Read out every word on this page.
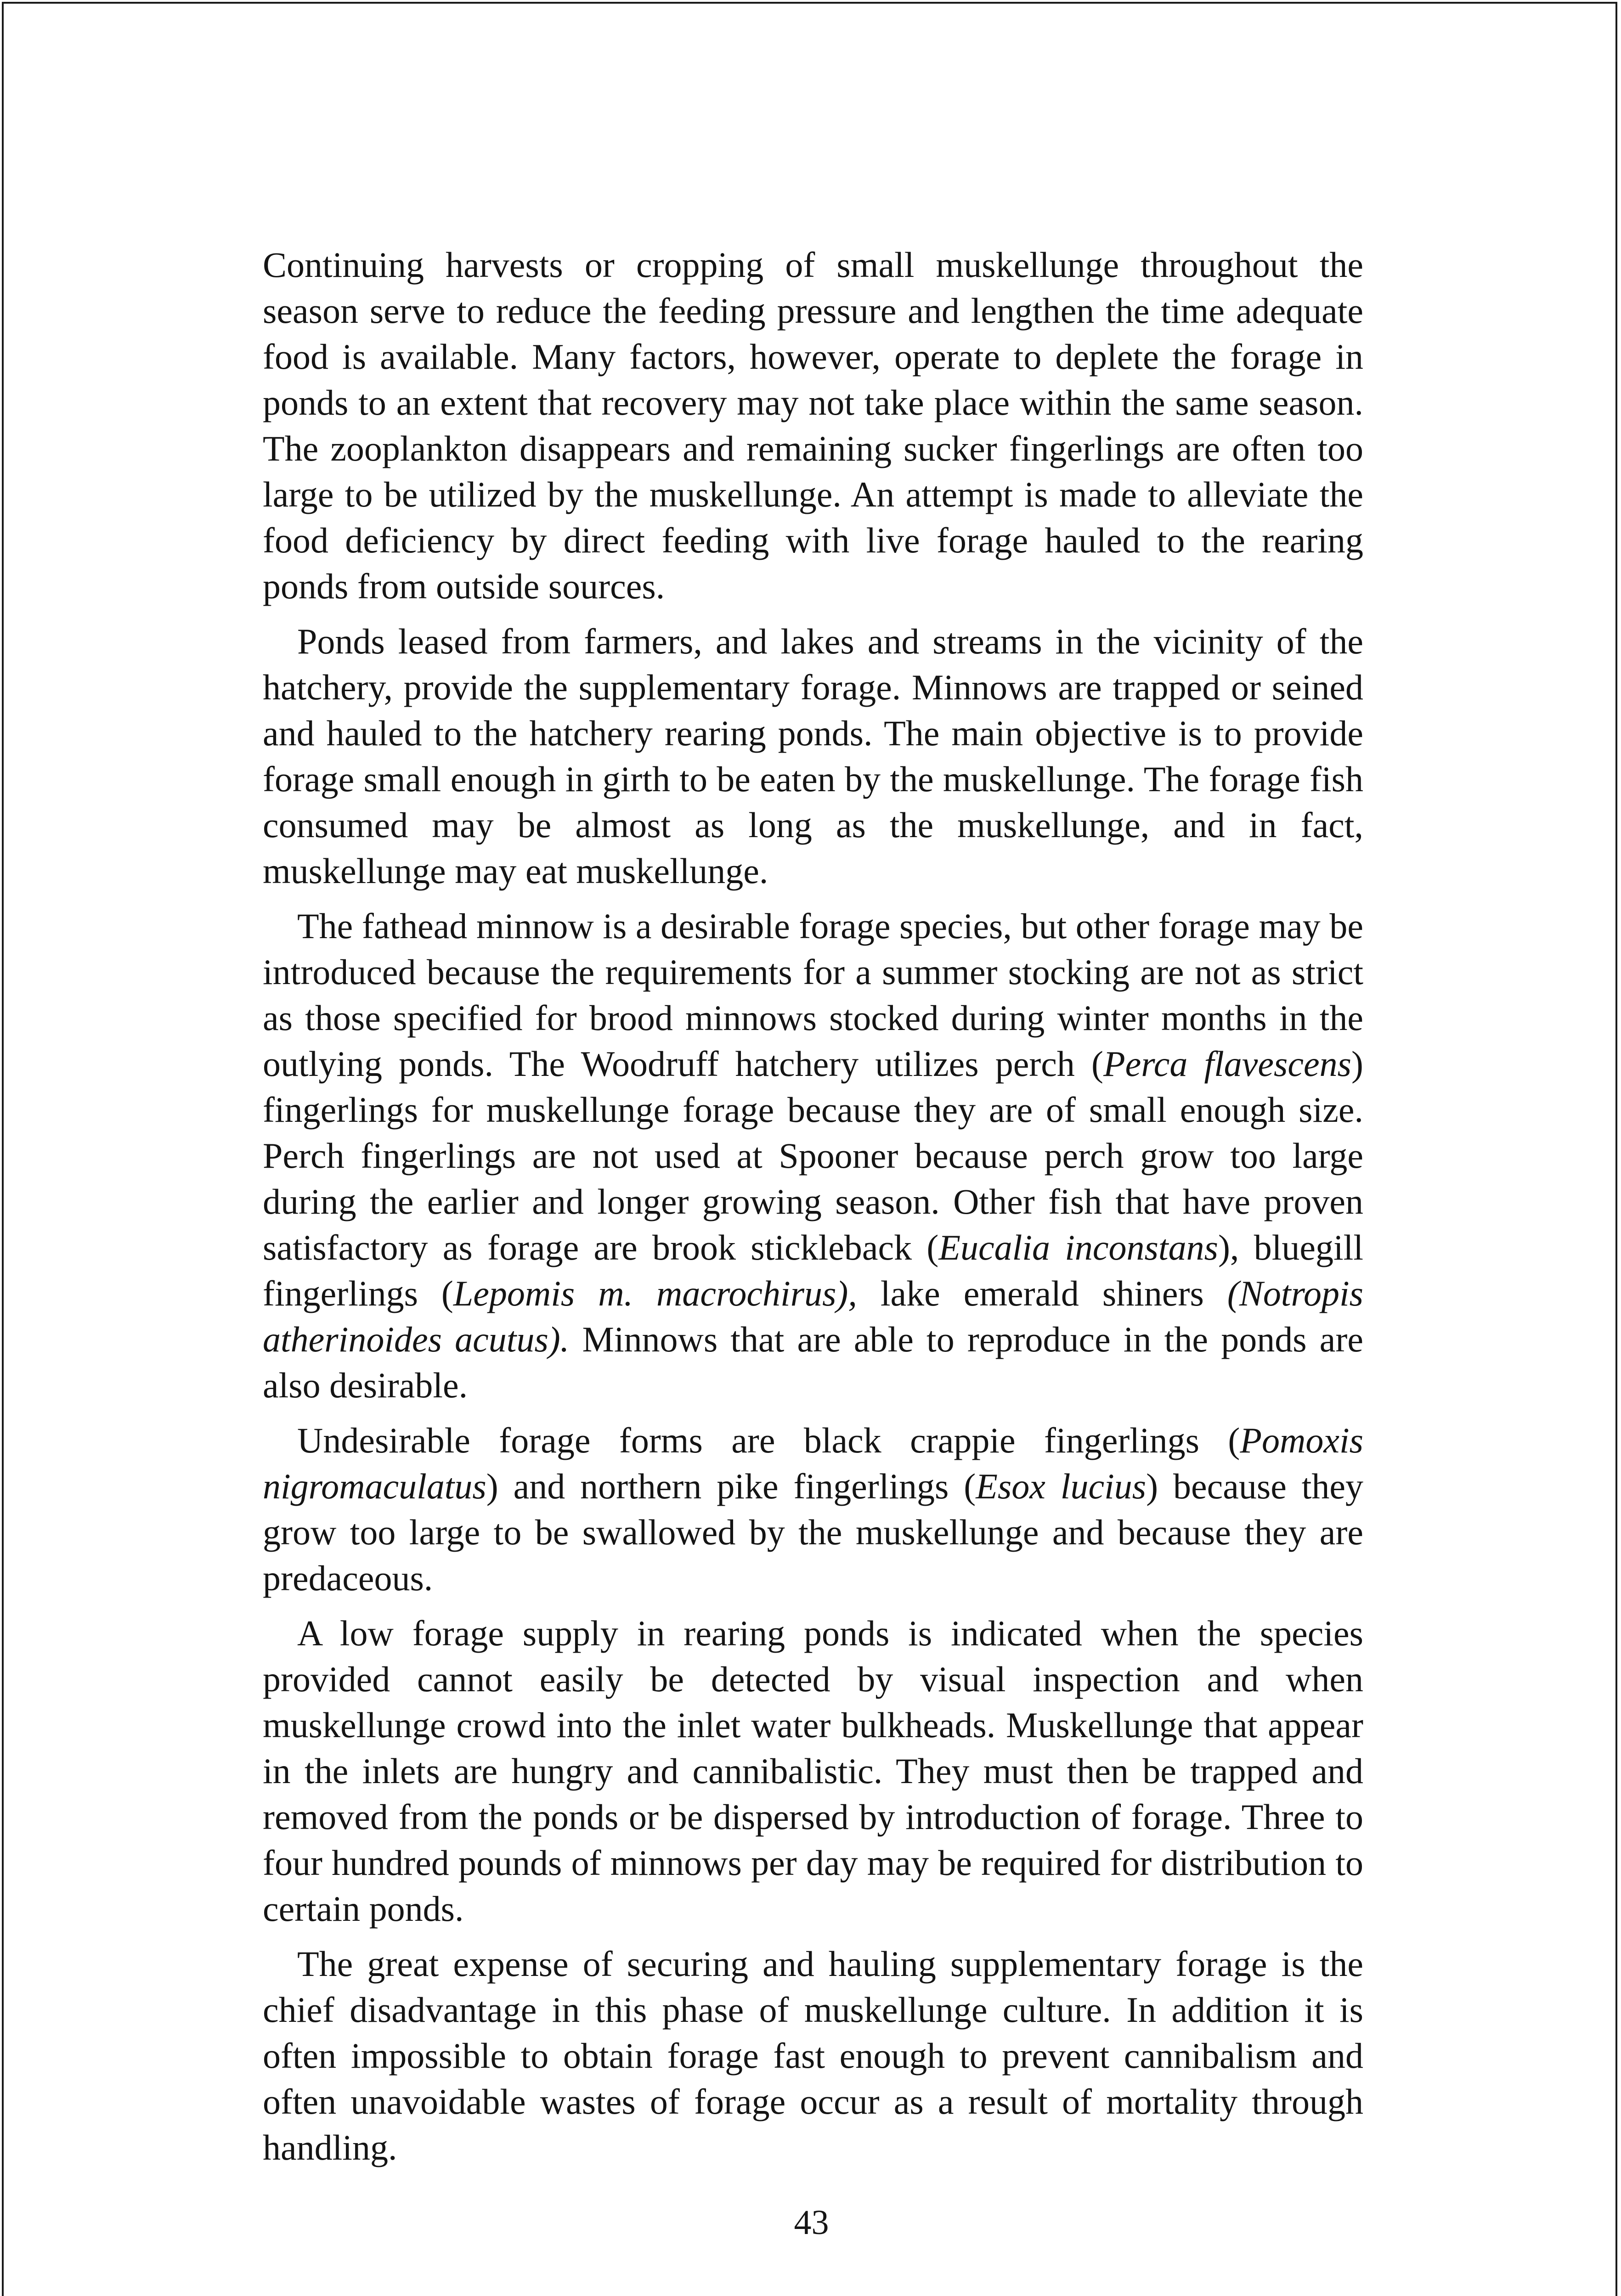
Continuing harvests or cropping of small muskellunge throughout the season serve to reduce the feeding pressure and lengthen the time adequate food is available. Many factors, however, operate to deplete the forage in ponds to an extent that recovery may not take place within the same season. The zooplankton disappears and remaining sucker fingerlings are often too large to be utilized by the muskellunge. An attempt is made to alleviate the food deficiency by direct feeding with live forage hauled to the rearing ponds from outside sources.

Ponds leased from farmers, and lakes and streams in the vicinity of the hatchery, provide the supplementary forage. Minnows are trapped or seined and hauled to the hatchery rearing ponds. The main objective is to provide forage small enough in girth to be eaten by the muskellunge. The forage fish consumed may be almost as long as the muskellunge, and in fact, muskellunge may eat muskellunge.

The fathead minnow is a desirable forage species, but other forage may be introduced because the requirements for a summer stocking are not as strict as those specified for brood minnows stocked during winter months in the outlying ponds. The Woodruff hatchery utilizes perch (Perca flavescens) fingerlings for muskellunge forage because they are of small enough size. Perch fingerlings are not used at Spooner because perch grow too large during the earlier and longer growing season. Other fish that have proven satisfactory as forage are brook stickleback (Eucalia inconstans), bluegill fingerlings (Lepomis m. macrochirus), lake emerald shiners (Notropis atherinoides acutus). Minnows that are able to reproduce in the ponds are also desirable.

Undesirable forage forms are black crappie fingerlings (Pomoxis nigromaculatus) and northern pike fingerlings (Esox lucius) because they grow too large to be swallowed by the muskellunge and because they are predaceous.

A low forage supply in rearing ponds is indicated when the species provided cannot easily be detected by visual inspection and when muskellunge crowd into the inlet water bulkheads. Muskellunge that appear in the inlets are hungry and cannibalistic. They must then be trapped and removed from the ponds or be dispersed by introduction of forage. Three to four hundred pounds of minnows per day may be required for distribution to certain ponds.

The great expense of securing and hauling supplementary forage is the chief disadvantage in this phase of muskellunge culture. In addition it is often impossible to obtain forage fast enough to prevent cannibalism and often unavoidable wastes of forage occur as a result of mortality through handling.

43
